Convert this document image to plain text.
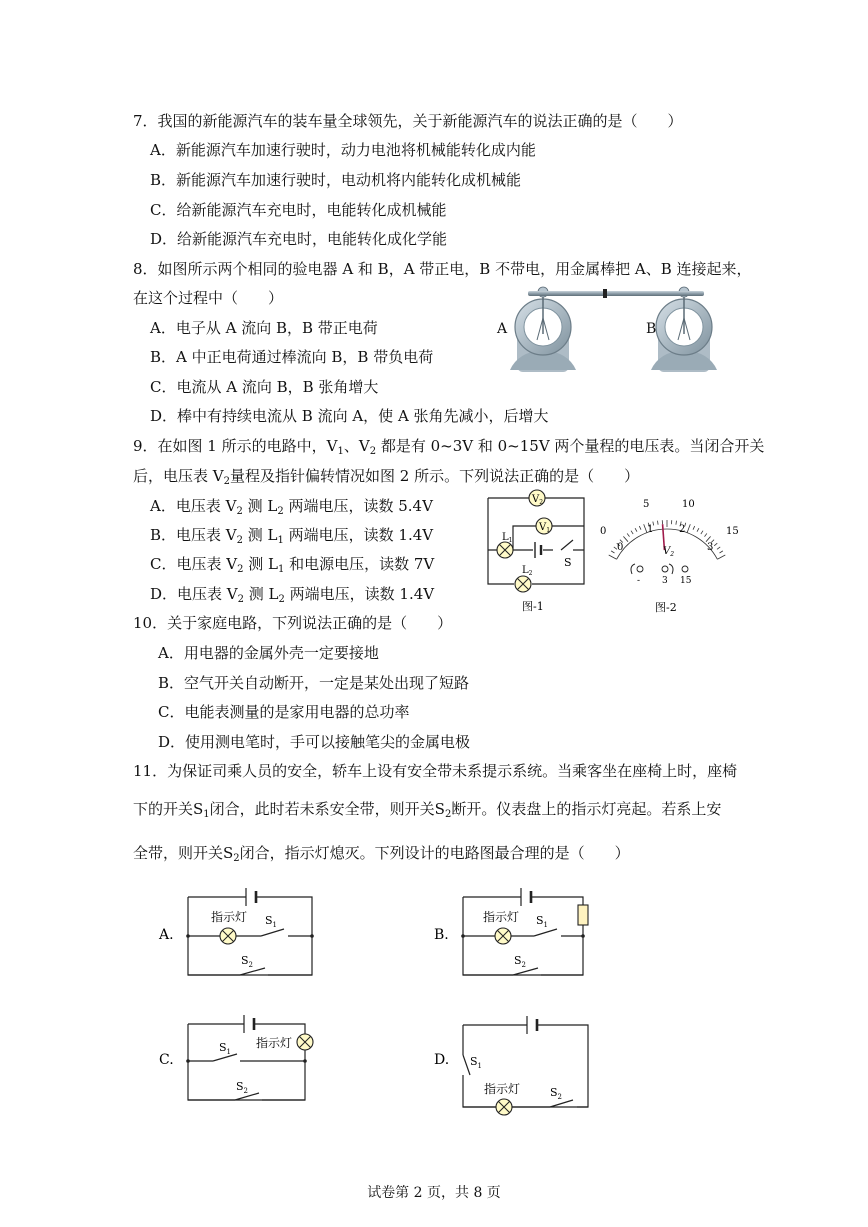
7．我国的新能源汽车的装车量全球领先，关于新能源汽车的说法正确的是（　　）
A．新能源汽车加速行驶时，动力电池将机械能转化成内能
B．新能源汽车加速行驶时，电动机将内能转化成机械能
C．给新能源汽车充电时，电能转化成机械能
D．给新能源汽车充电时，电能转化成化学能
8．如图所示两个相同的验电器 A 和 B，A 带正电，B 不带电，用金属棒把 A、B 连接起来，
在这个过程中（　　）
A．电子从 A 流向 B，B 带正电荷
B．A 中正电荷通过棒流向 B，B 带负电荷
C．电流从 A 流向 B，B 张角增大
D．棒中有持续电流从 B 流向 A，使 A 张角先减小，后增大
A	B
9．在如图 1 所示的电路中，$V_1$、$V_2$ 都是有 0~3V 和 0~15V 两个量程的电压表。当闭合开关
后，电压表 $V_2$量程及指针偏转情况如图 2 所示。下列说法正确的是（　　）
A．电压表 $V_2$ 测 $L_2$ 两端电压，读数 5.4V
B．电压表 $V_2$ 测 $L_1$ 两端电压，读数 1.4V
C．电压表 $V_2$ 测 $L_1$ 和电源电压，读数 7V
D．电压表 $V_2$ 测 $L_2$ 两端电压，读数 1.4V
$V_2$
$V_1$
$L_1$
$L_2$
S
图-1
0
5	10
15
0
1	2
3
$V_2$
- 3 15
图-2
10．关于家庭电路，下列说法正确的是（　　）
A．用电器的金属外壳一定要接地
B．空气开关自动断开，一定是某处出现了短路
C．电能表测量的是家用电器的总功率
D．使用测电笔时，手可以接触笔尖的金属电极
11．为保证司乘人员的安全，轿车上设有安全带未系提示系统。当乘客坐在座椅上时，座椅
下的开关$S_1$闭合，此时若未系安全带，则开关$S_2$断开。仪表盘上的指示灯亮起。若系上安
全带，则开关$S_2$闭合，指示灯熄灭。下列设计的电路图最合理的是（　　）
A.
指示灯 $S_1$
$S_2$
B.
指示灯 $S_1$
$S_2$
C.
指示灯
$S_1$
$S_2$
D.
指示灯
$S_1$
$S_2$
试卷第 2 页，共 8 页
